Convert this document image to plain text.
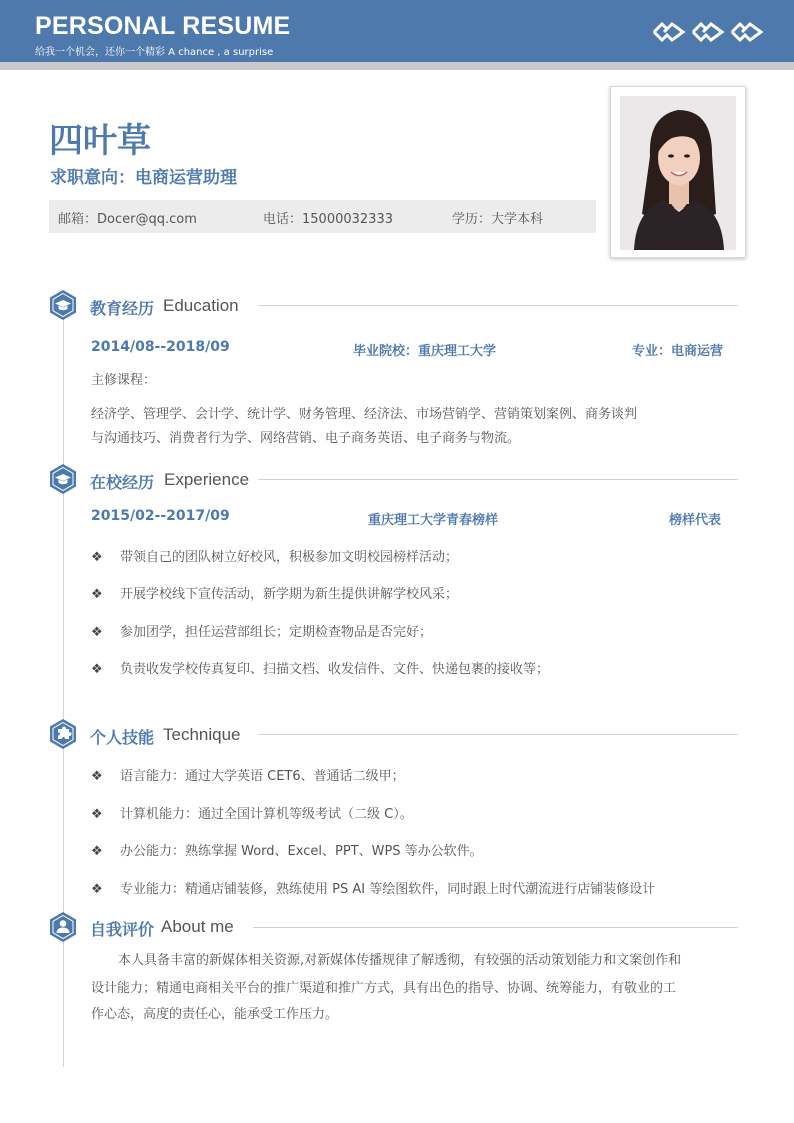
PERSONAL RESUME
给我一个机会，还你一个精彩 A chance , a surprise
四叶草
求职意向：电商运营助理
邮箱：Docer@qq.com	电话：15000032333	学历：大学本科
教育经历 Education
2014/08--2018/09	毕业院校：重庆理工大学	专业：电商运营
主修课程：
经济学、管理学、会计学、统计学、财务管理、经济法、市场营销学、营销策划案例、商务谈判
与沟通技巧、消费者行为学、网络营销、电子商务英语、电子商务与物流。
在校经历 Experience
2015/02--2017/09	重庆理工大学青春榜样	榜样代表
❖ 带领自己的团队树立好校风，积极参加文明校园榜样活动；
❖ 开展学校线下宣传活动，新学期为新生提供讲解学校风采；
❖ 参加团学，担任运营部组长；定期检查物品是否完好；
❖ 负责收发学校传真复印、扫描文档、收发信件、文件、快递包裹的接收等；
个人技能 Technique
❖ 语言能力：通过大学英语 CET6、普通话二级甲；
❖ 计算机能力：通过全国计算机等级考试（二级 C）。
❖ 办公能力：熟练掌握 Word、Excel、PPT、WPS 等办公软件。
❖ 专业能力：精通店铺装修，熟练使用 PS AI 等绘图软件，同时跟上时代潮流进行店铺装修设计
自我评价 About me
本人具备丰富的新媒体相关资源,对新媒体传播规律了解透彻，有较强的活动策划能力和文案创作和
设计能力；精通电商相关平台的推广渠道和推广方式，具有出色的指导、协调、统筹能力，有敬业的工
作心态，高度的责任心，能承受工作压力。
